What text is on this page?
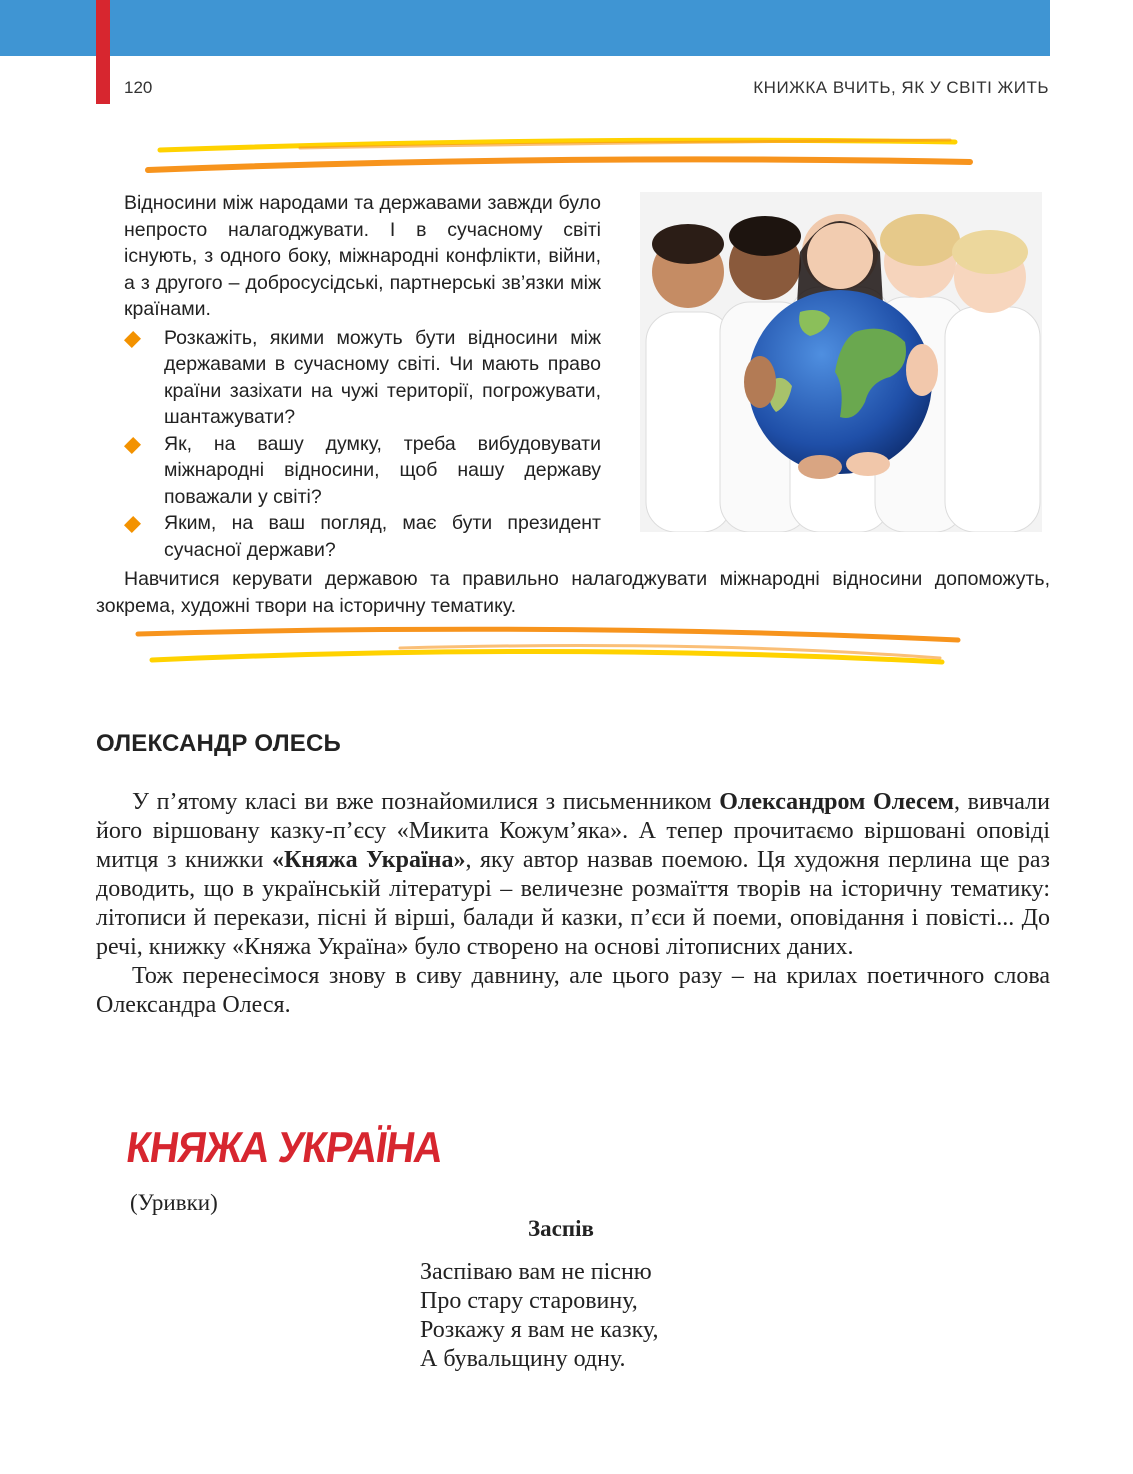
120	КНИЖКА ВЧИТЬ, ЯК У СВІТІ ЖИТЬ

Відносини між народами та державами завжди було непросто налагоджувати. І в сучасному світі існують, з одного боку, міжнародні конфлікти, війни, а з другого – добросусідські, партнерські зв’язки між країнами.

Розкажіть, якими можуть бути відносини між державами в сучасному світі. Чи мають право країни зазіхати на чужі території, погрожувати, шантажувати?
Як, на вашу думку, треба вибудовувати міжнародні відносини, щоб нашу державу поважали у світі?
Яким, на ваш погляд, має бути президент сучасної держави?
Навчитися керувати державою та правильно налагоджувати міжнародні відносини допоможуть, зокрема, художні твори на історичну тематику.
ОЛЕКСАНДР ОЛЕСЬ

У п’ятому класі ви вже познайомилися з письменником Олександром Олесем, вивчали його віршовану казку-п’єсу «Микита Кожум’яка». А тепер прочитаємо віршовані оповіді митця з книжки «Княжа Україна», яку автор назвав поемою. Ця художня перлина ще раз доводить, що в українській літературі – величезне розмаїття творів на історичну тематику: літописи й перекази, пісні й вірші, балади й казки, п’єси й поеми, оповідання і повісті... До речі, книжку «Княжа Україна» було створено на основі літописних даних.

Тож перенесімося знову в сиву давнину, але цього разу – на крилах поетичного слова Олександра Олеся.

КНЯЖА УКРАЇНА
(Уривки)
Заспів
Заспіваю вам не пісню
Про стару старовину,
Розкажу я вам не казку,
А бувальщину одну.
